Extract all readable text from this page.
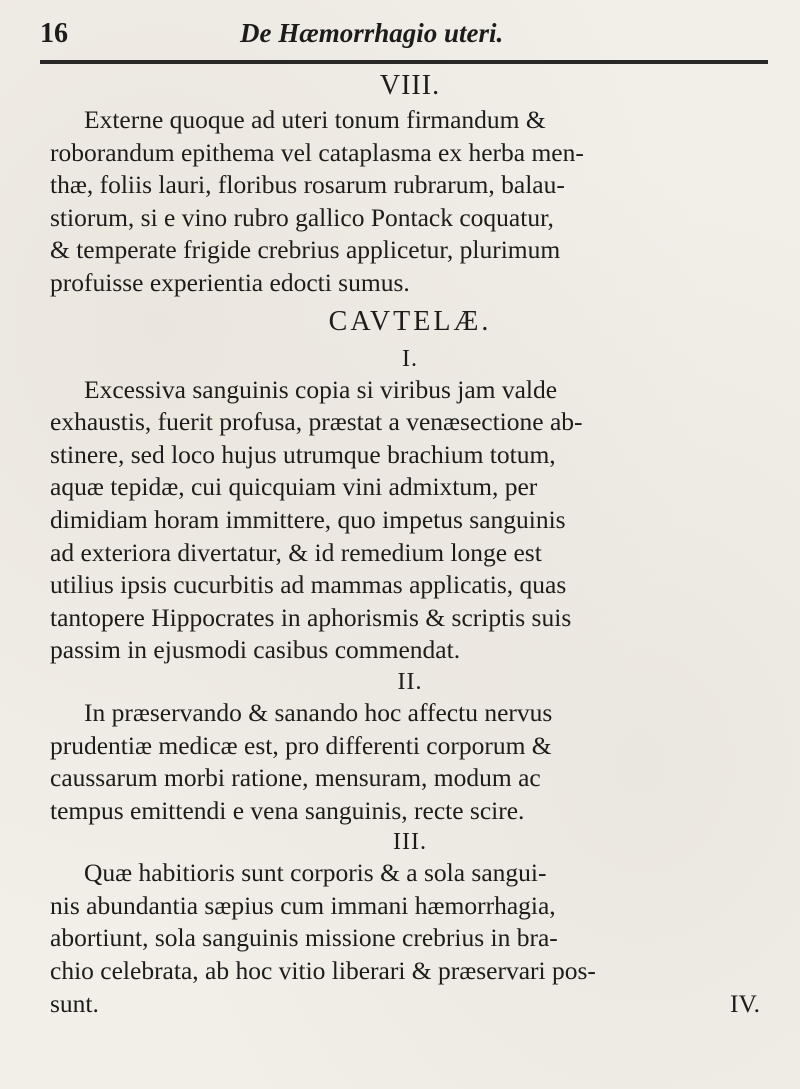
16	De Hæmorrhagio uteri.
VIII.
Externe quoque ad uteri tonum firmandum &
roborandum epithema vel cataplasma ex herba men-
thæ, foliis lauri, floribus rosarum rubrarum, balau-
stiorum, si e vino rubro gallico Pontack coquatur,
& temperate frigide crebrius applicetur, plurimum
profuisse experientia edocti sumus.
CAVTELÆ.
I.
Excessiva sanguinis copia si viribus jam valde
exhaustis, fuerit profusa, præstat a venæsectione ab-
stinere, sed loco hujus utrumque brachium totum,
aquæ tepidæ, cui quicquiam vini admixtum, per
dimidiam horam immittere, quo impetus sanguinis
ad exteriora divertatur, & id remedium longe est
utilius ipsis cucurbitis ad mammas applicatis, quas
tantopere Hippocrates in aphorismis & scriptis suis
passim in ejusmodi casibus commendat.
II.
In præservando & sanando hoc affectu nervus
prudentiæ medicæ est, pro differenti corporum &
caussarum morbi ratione, mensuram, modum ac
tempus emittendi e vena sanguinis, recte scire.
III.
Quæ habitioris sunt corporis & a sola sangui-
nis abundantia sæpius cum immani hæmorrhagia,
abortiunt, sola sanguinis missione crebrius in bra-
chio celebrata, ab hoc vitio liberari & præservari pos-
sunt.	IV.
